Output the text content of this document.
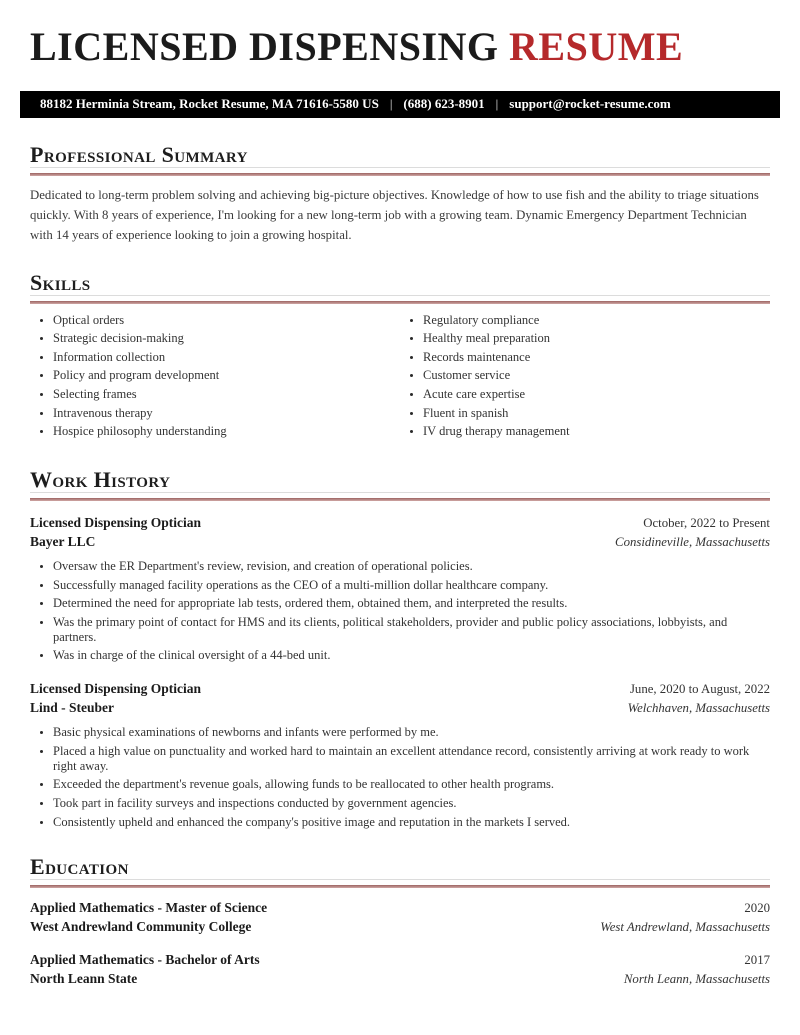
LICENSED DISPENSING RESUME
88182 Herminia Stream, Rocket Resume, MA 71616-5580 US | (688) 623-8901 | support@rocket-resume.com
Professional Summary

Dedicated to long-term problem solving and achieving big-picture objectives. Knowledge of how to use fish and the ability to triage situations quickly. With 8 years of experience, I'm looking for a new long-term job with a growing team. Dynamic Emergency Department Technician with 14 years of experience looking to join a growing hospital.

Skills
• Optical orders
• Strategic decision-making
• Information collection
• Policy and program development
• Selecting frames
• Intravenous therapy
• Hospice philosophy understanding
• Regulatory compliance
• Healthy meal preparation
• Records maintenance
• Customer service
• Acute care expertise
• Fluent in spanish
• IV drug therapy management
Work History
Licensed Dispensing Optician	October, 2022 to Present
Bayer LLC	Considineville, Massachusetts
• Oversaw the ER Department's review, revision, and creation of operational policies.
• Successfully managed facility operations as the CEO of a multi-million dollar healthcare company.
• Determined the need for appropriate lab tests, ordered them, obtained them, and interpreted the results.
• Was the primary point of contact for HMS and its clients, political stakeholders, provider and public policy associations, lobbyists, and partners.
• Was in charge of the clinical oversight of a 44-bed unit.
Licensed Dispensing Optician	June, 2020 to August, 2022
Lind - Steuber	Welchhaven, Massachusetts
• Basic physical examinations of newborns and infants were performed by me.
• Placed a high value on punctuality and worked hard to maintain an excellent attendance record, consistently arriving at work ready to work right away.
• Exceeded the department's revenue goals, allowing funds to be reallocated to other health programs.
• Took part in facility surveys and inspections conducted by government agencies.
• Consistently upheld and enhanced the company's positive image and reputation in the markets I served.
Education
Applied Mathematics - Master of Science	2020
West Andrewland Community College	West Andrewland, Massachusetts
Applied Mathematics - Bachelor of Arts	2017
North Leann State	North Leann, Massachusetts
